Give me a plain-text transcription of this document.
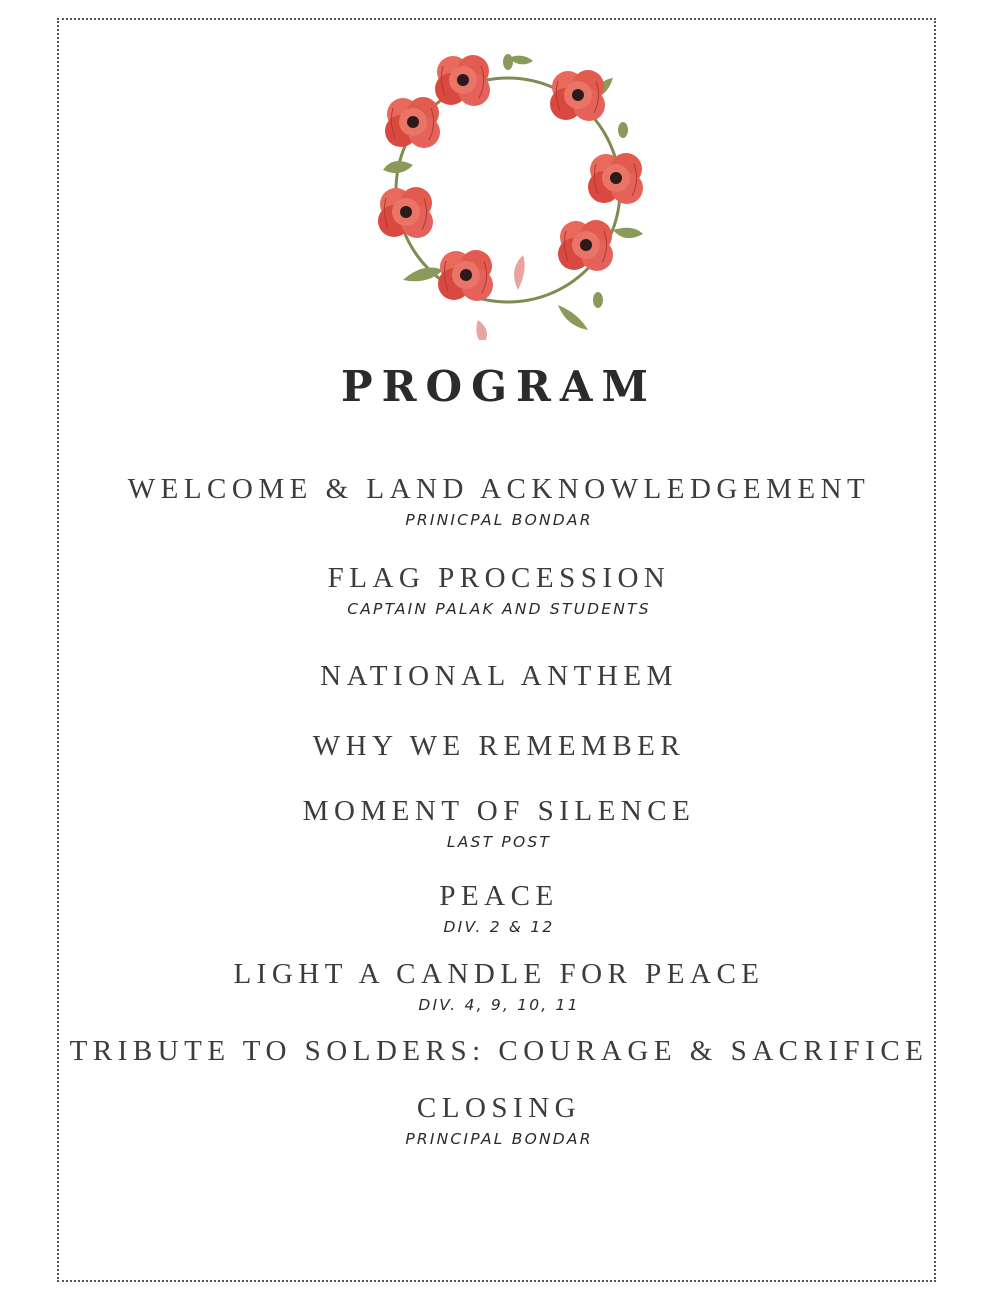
PROGRAM
WELCOME & LAND ACKNOWLEDGEMENT
PRINICPAL BONDAR
FLAG PROCESSION
CAPTAIN PALAK AND STUDENTS
NATIONAL ANTHEM
WHY WE REMEMBER
MOMENT OF SILENCE
LAST POST
PEACE
DIV. 2 & 12
LIGHT A CANDLE FOR PEACE
DIV. 4, 9, 10, 11
TRIBUTE TO SOLDERS: COURAGE & SACRIFICE
CLOSING
PRINCIPAL BONDAR
